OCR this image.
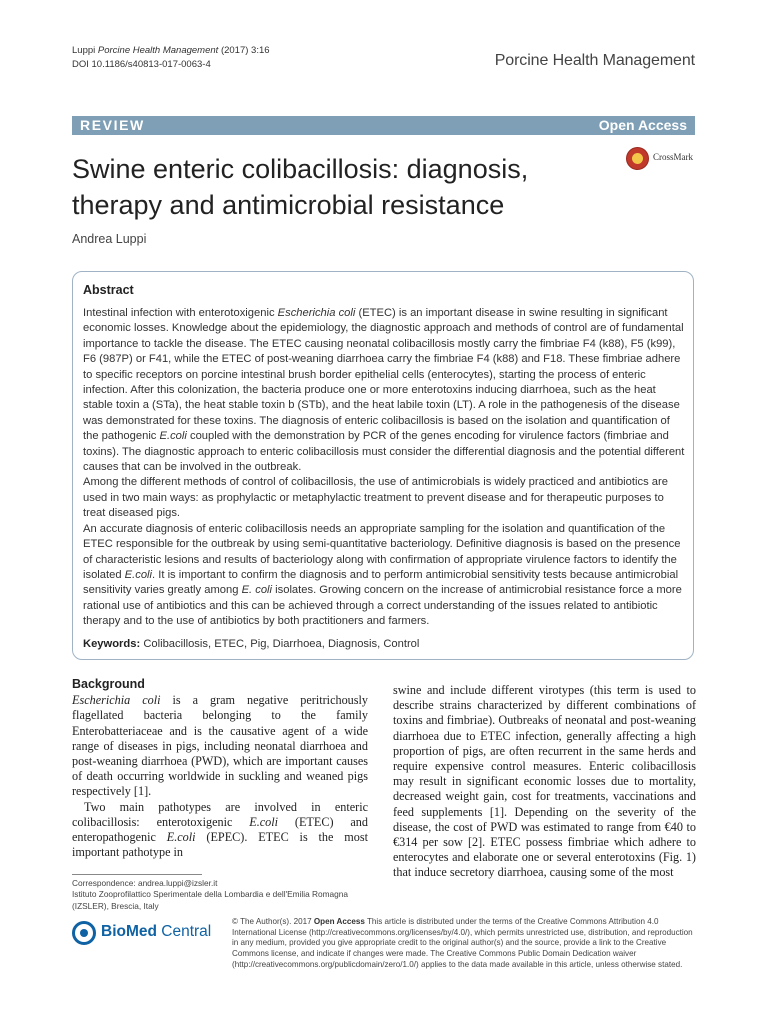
Luppi Porcine Health Management (2017) 3:16
DOI 10.1186/s40813-017-0063-4	Porcine Health Management
REVIEW	Open Access
Swine enteric colibacillosis: diagnosis,
therapy and antimicrobial resistance
CrossMark
Andrea Luppi
Abstract

Intestinal infection with enterotoxigenic Escherichia coli (ETEC) is an important disease in swine resulting in significant economic losses. Knowledge about the epidemiology, the diagnostic approach and methods of control are of fundamental importance to tackle the disease. The ETEC causing neonatal colibacillosis mostly carry the fimbriae F4 (k88), F5 (k99), F6 (987P) or F41, while the ETEC of post-weaning diarrhoea carry the fimbriae F4 (k88) and F18. These fimbriae adhere to specific receptors on porcine intestinal brush border epithelial cells (enterocytes), starting the process of enteric infection. After this colonization, the bacteria produce one or more enterotoxins inducing diarrhoea, such as the heat stable toxin a (STa), the heat stable toxin b (STb), and the heat labile toxin (LT). A role in the pathogenesis of the disease was demonstrated for these toxins. The diagnosis of enteric colibacillosis is based on the isolation and quantification of the pathogenic E.coli coupled with the demonstration by PCR of the genes encoding for virulence factors (fimbriae and toxins). The diagnostic approach to enteric colibacillosis must consider the differential diagnosis and the potential different causes that can be involved in the outbreak.

Among the different methods of control of colibacillosis, the use of antimicrobials is widely practiced and antibiotics are used in two main ways: as prophylactic or metaphylactic treatment to prevent disease and for therapeutic purposes to treat diseased pigs.

An accurate diagnosis of enteric colibacillosis needs an appropriate sampling for the isolation and quantification of the ETEC responsible for the outbreak by using semi-quantitative bacteriology. Definitive diagnosis is based on the presence of characteristic lesions and results of bacteriology along with confirmation of appropriate virulence factors to identify the isolated E.coli. It is important to confirm the diagnosis and to perform antimicrobial sensitivity tests because antimicrobial sensitivity varies greatly among E. coli isolates. Growing concern on the increase of antimicrobial resistance force a more rational use of antibiotics and this can be achieved through a correct understanding of the issues related to antibiotic therapy and to the use of antibiotics by both practitioners and farmers.

Keywords: Colibacillosis, ETEC, Pig, Diarrhoea, Diagnosis, Control
Background

Escherichia coli is a gram negative peritrichously flagellated bacteria belonging to the family Enterobatteriaceae and is the causative agent of a wide range of diseases in pigs, including neonatal diarrhoea and post-weaning diarrhoea (PWD), which are important causes of death occurring worldwide in suckling and weaned pigs respectively [1].

Two main pathotypes are involved in enteric colibacillosis: enterotoxigenic E.coli (ETEC) and enteropathogenic E.coli (EPEC). ETEC is the most important pathotype in

swine and include different virotypes (this term is used to describe strains characterized by different combinations of toxins and fimbriae). Outbreaks of neonatal and post-weaning diarrhoea due to ETEC infection, generally affecting a high proportion of pigs, are often recurrent in the same herds and require expensive control measures. Enteric colibacillosis may result in significant economic losses due to mortality, decreased weight gain, cost for treatments, vaccinations and feed supplements [1]. Depending on the severity of the disease, the cost of PWD was estimated to range from €40 to €314 per sow [2]. ETEC possess fimbriae which adhere to enterocytes and elaborate one or several enterotoxins (Fig. 1) that induce secretory diarrhoea, causing some of the most

Correspondence: andrea.luppi@izsler.it
Istituto Zooprofilattico Sperimentale della Lombardia e dell'Emilia Romagna (IZSLER), Brescia, Italy
BioMed Central
© The Author(s). 2017 Open Access This article is distributed under the terms of the Creative Commons Attribution 4.0 International License (http://creativecommons.org/licenses/by/4.0/), which permits unrestricted use, distribution, and reproduction in any medium, provided you give appropriate credit to the original author(s) and the source, provide a link to the Creative Commons license, and indicate if changes were made. The Creative Commons Public Domain Dedication waiver (http://creativecommons.org/publicdomain/zero/1.0/) applies to the data made available in this article, unless otherwise stated.
